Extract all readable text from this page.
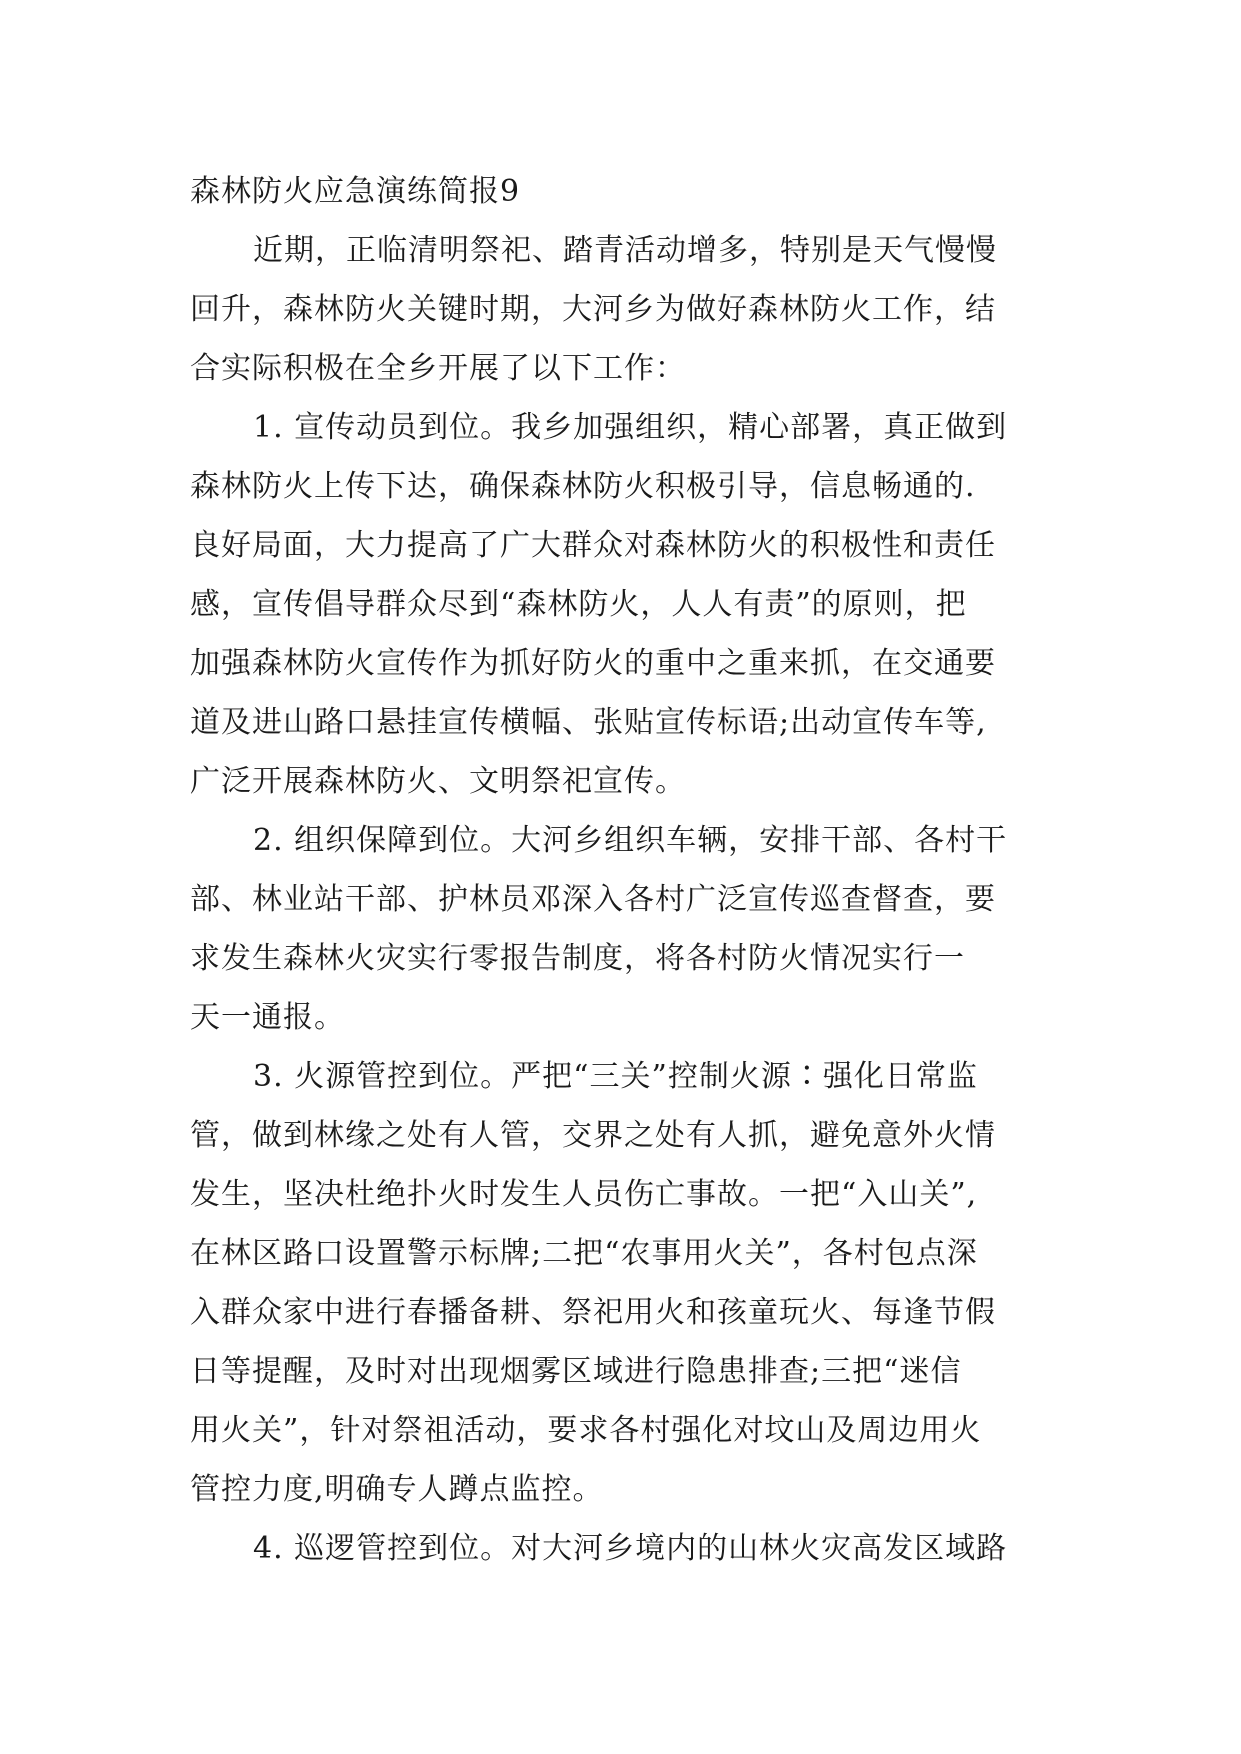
森林防火应急演练简报9
近期，正临清明祭祀、踏青活动增多，特别是天气慢慢
回升，森林防火关键时期，大河乡为做好森林防火工作，结
合实际积极在全乡开展了以下工作：
1. 宣传动员到位。我乡加强组织，精心部署，真正做到
森林防火上传下达，确保森林防火积极引导，信息畅通的.
良好局面，大力提高了广大群众对森林防火的积极性和责任
感，宣传倡导群众尽到“森林防火，人人有责”的原则，把
加强森林防火宣传作为抓好防火的重中之重来抓，在交通要
道及进山路口悬挂宣传横幅、张贴宣传标语;出动宣传车等,
广泛开展森林防火、文明祭祀宣传。
2. 组织保障到位。大河乡组织车辆，安排干部、各村干
部、林业站干部、护林员邓深入各村广泛宣传巡查督查，要
求发生森林火灾实行零报告制度，将各村防火情况实行一
天一通报。
3. 火源管控到位。严把“三关”控制火源∶强化日常监
管，做到林缘之处有人管，交界之处有人抓，避免意外火情
发生，坚决杜绝扑火时发生人员伤亡事故。一把“入山关”,
在林区路口设置警示标牌;二把“农事用火关”，各村包点深
入群众家中进行春播备耕、祭祀用火和孩童玩火、每逢节假
日等提醒，及时对出现烟雾区域进行隐患排查;三把“迷信
用火关”，针对祭祖活动，要求各村强化对坟山及周边用火
管控力度,明确专人蹲点监控。
4. 巡逻管控到位。对大河乡境内的山林火灾高发区域路
